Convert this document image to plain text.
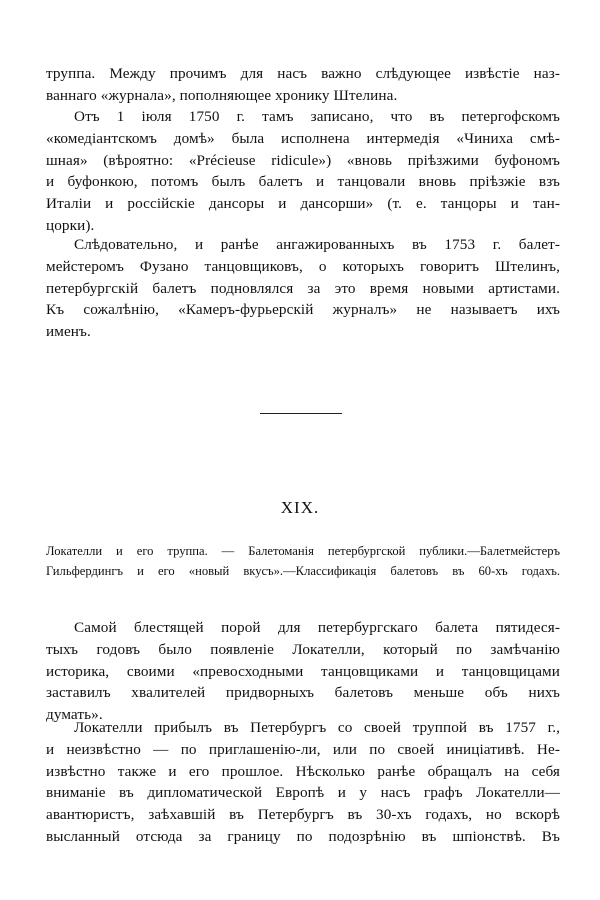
труппа. Между прочимъ для насъ важно слѣдующее извѣстіе наз-
ваннаго «журнала», пополняющее хронику Штелина.
Отъ 1 іюля 1750 г. тамъ записано, что въ петергофскомъ
«комедіантскомъ домѣ» была исполнена интермедія «Чиниха смѣ-
шная» (вѣроятно: «Précieuse ridicule») «вновь пріѣзжими буфономъ
и буфонкою, потомъ былъ балетъ и танцовали вновь пріѣзжіе взъ
Италіи и россійскіе дансоры и дансорши» (т. е. танцоры и тан-
цорки).
Слѣдовательно, и ранѣе ангажированныхъ въ 1753 г. балет-
мейстеромъ Фузано танцовщиковъ, о которыхъ говоритъ Штелинъ,
петербургскій балетъ подновлялся за это время новыми артистами.
Къ сожалѣнію, «Камеръ-фурьерскій журналъ» не называетъ ихъ
именъ.
XIX.
Локателли и его труппа. — Балетоманія петербургской публики.—Балетмейстеръ
Гильфердингъ и его «новый вкусъ».—Классификація балетовъ въ 60-хъ годахъ.
Самой блестящей порой для петербургскаго балета пятидеся-
тыхъ годовъ было появленіе Локателли, который по замѣчанію
историка, своими «превосходными танцовщиками и танцовщицами
заставилъ хвалителей придворныхъ балетовъ меньше объ нихъ
думать».
Локателли прибылъ въ Петербургъ со своей труппой въ 1757 г.,
и неизвѣстно — по приглашенію-ли, или по своей иниціативѣ. Не-
извѣстно также и его прошлое. Нѣсколько ранѣе обращалъ на себя
вниманіе въ дипломатической Европѣ и у насъ графъ Локателли—
авантюристъ, заѣхавшій въ Петербургъ въ 30-хъ годахъ, но вскорѣ
высланный отсюда за границу по подозрѣнію въ шпіонствѣ. Въ
